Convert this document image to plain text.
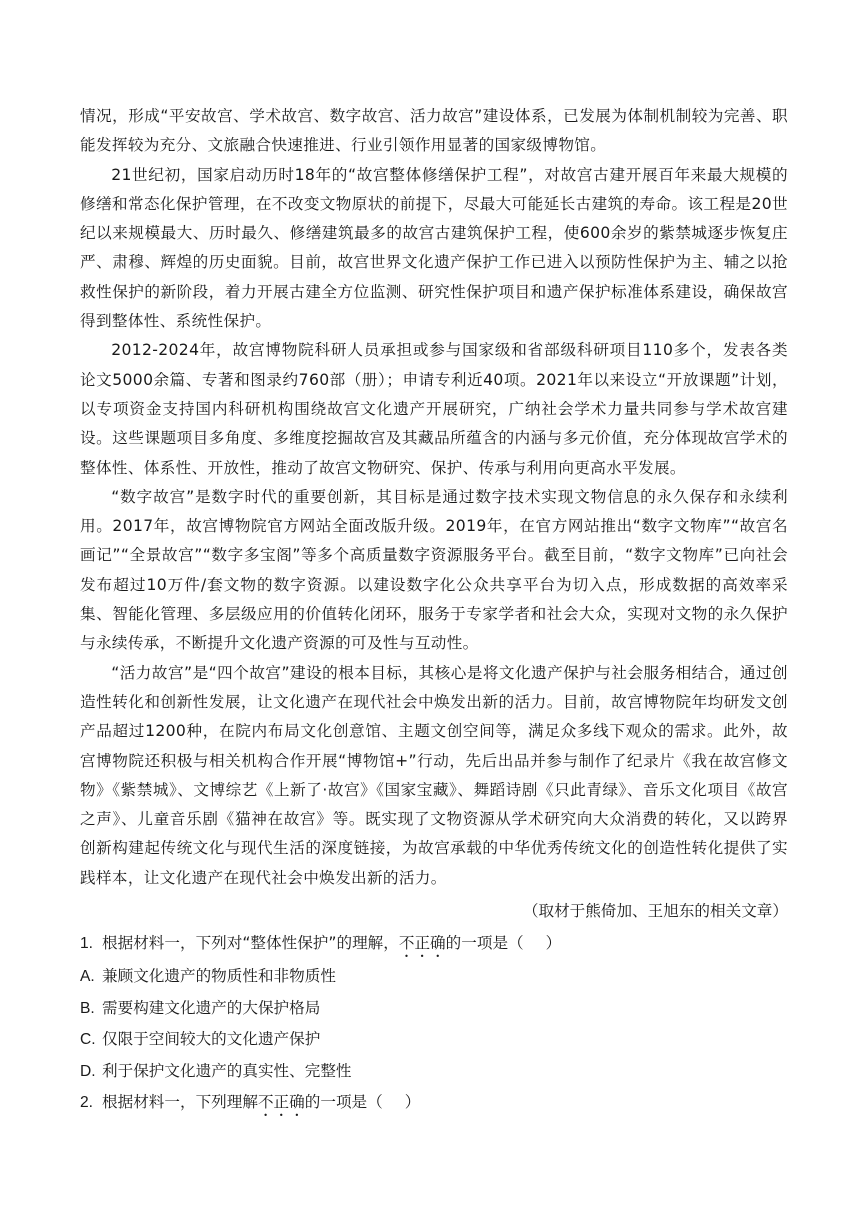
情况，形成“平安故宫、学术故宫、数字故宫、活力故宫”建设体系，已发展为体制机制较为完善、职能发挥较为充分、文旅融合快速推进、行业引领作用显著的国家级博物馆。

21世纪初，国家启动历时18年的“故宫整体修缮保护工程”，对故宫古建开展百年来最大规模的修缮和常态化保护管理，在不改变文物原状的前提下，尽最大可能延长古建筑的寿命。该工程是20世纪以来规模最大、历时最久、修缮建筑最多的故宫古建筑保护工程，使600余岁的紫禁城逐步恢复庄严、肃穆、辉煌的历史面貌。目前，故宫世界文化遗产保护工作已进入以预防性保护为主、辅之以抢救性保护的新阶段，着力开展古建全方位监测、研究性保护项目和遗产保护标准体系建设，确保故宫得到整体性、系统性保护。

2012-2024年，故宫博物院科研人员承担或参与国家级和省部级科研项目110多个，发表各类论文5000余篇、专著和图录约760部（册）；申请专利近40项。2021年以来设立“开放课题”计划，以专项资金支持国内科研机构围绕故宫文化遗产开展研究，广纳社会学术力量共同参与学术故宫建设。这些课题项目多角度、多维度挖掘故宫及其藏品所蕴含的内涵与多元价值，充分体现故宫学术的整体性、体系性、开放性，推动了故宫文物研究、保护、传承与利用向更高水平发展。

“数字故宫”是数字时代的重要创新，其目标是通过数字技术实现文物信息的永久保存和永续利用。2017年，故宫博物院官方网站全面改版升级。2019年，在官方网站推出“数字文物库”“故宫名画记”“全景故宫”“数字多宝阁”等多个高质量数字资源服务平台。截至目前，“数字文物库”已向社会发布超过10万件/套文物的数字资源。以建设数字化公众共享平台为切入点，形成数据的高效率采集、智能化管理、多层级应用的价值转化闭环，服务于专家学者和社会大众，实现对文物的永久保护与永续传承，不断提升文化遗产资源的可及性与互动性。

“活力故宫”是“四个故宫”建设的根本目标，其核心是将文化遗产保护与社会服务相结合，通过创造性转化和创新性发展，让文化遗产在现代社会中焕发出新的活力。目前，故宫博物院年均研发文创产品超过1200种，在院内布局文化创意馆、主题文创空间等，满足众多线下观众的需求。此外，故宫博物院还积极与相关机构合作开展“博物馆+”行动，先后出品并参与制作了纪录片《我在故宫修文物》《紫禁城》、文博综艺《上新了·故宫》《国家宝藏》、舞蹈诗剧《只此青绿》、音乐文化项目《故宫之声》、儿童音乐剧《猫神在故宫》等。既实现了文物资源从学术研究向大众消费的转化，又以跨界创新构建起传统文化与现代生活的深度链接，为故宫承载的中华优秀传统文化的创造性转化提供了实践样本，让文化遗产在现代社会中焕发出新的活力。

（取材于熊倚加、王旭东的相关文章）
1. 根据材料一，下列对“整体性保护”的理解，不正确的一项是（ ）
A. 兼顾文化遗产的物质性和非物质性
B. 需要构建文化遗产的大保护格局
C. 仅限于空间较大的文化遗产保护
D. 利于保护文化遗产的真实性、完整性
2. 根据材料一，下列理解不正确的一项是（ ）
